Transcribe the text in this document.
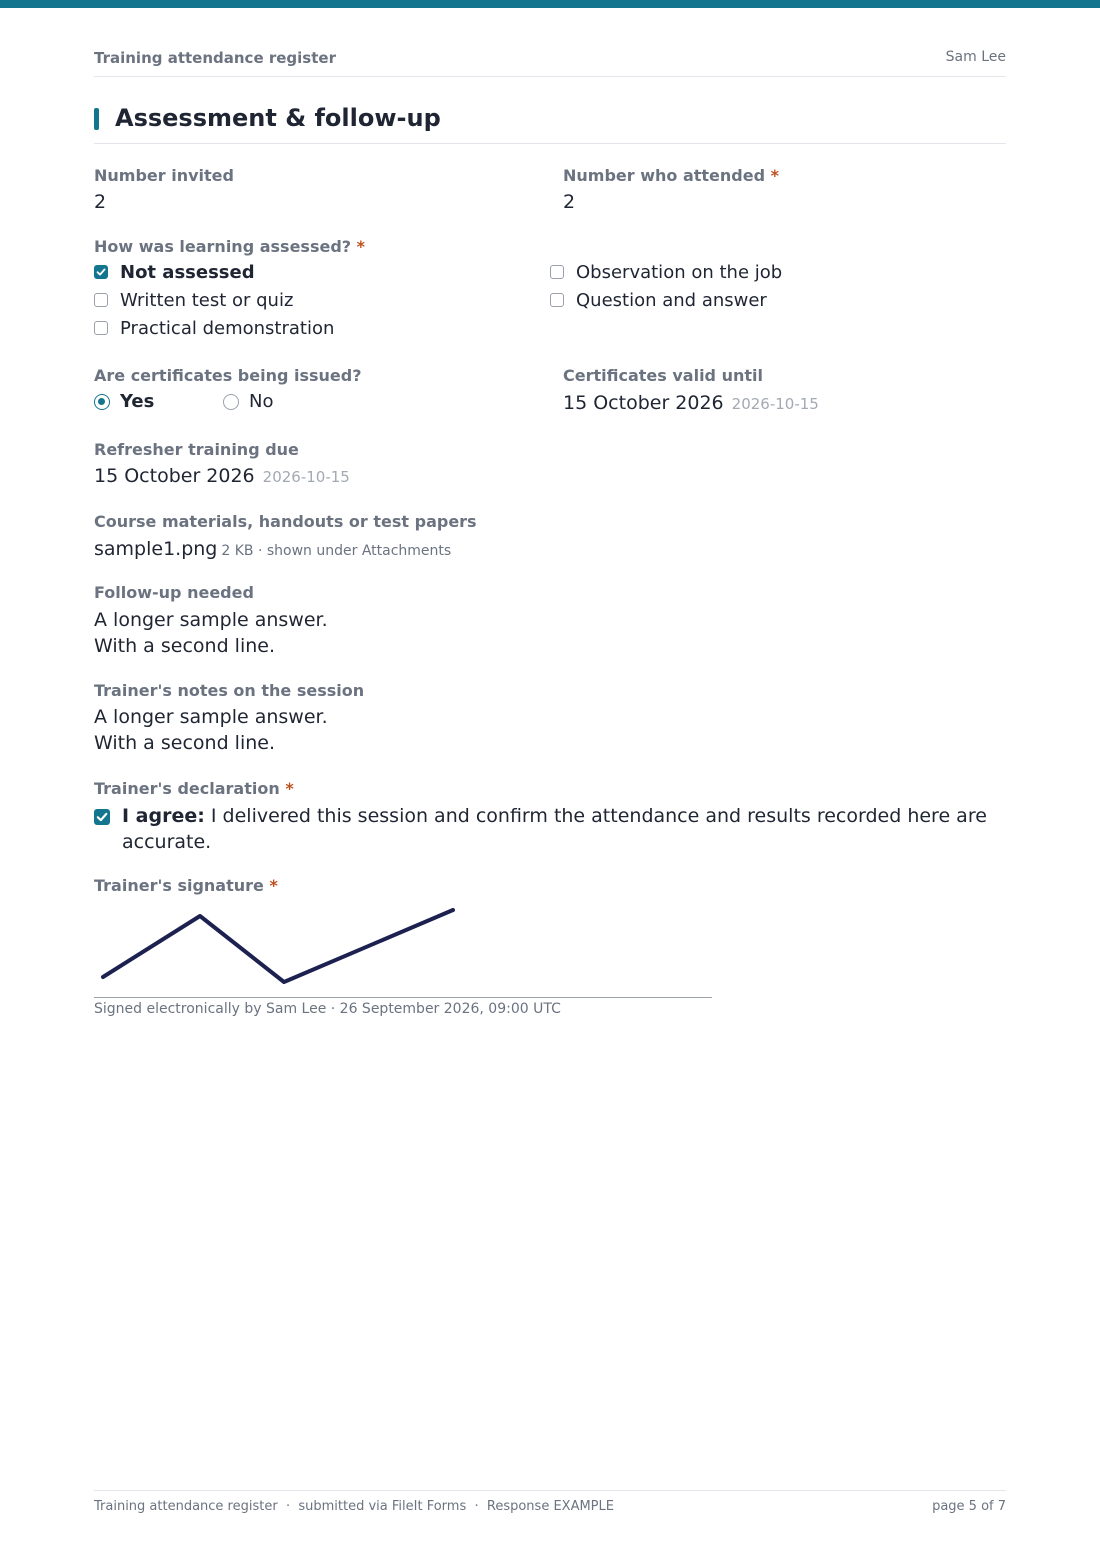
Training attendance register	Sam Lee
Assessment & follow-up
Number invited
2
Number who attended *
2
How was learning assessed? *
Not assessed
Written test or quiz
Practical demonstration
Observation on the job
Question and answer
Are certificates being issued?
Yes	No
Certificates valid until
15 October 2026 2026-10-15
Refresher training due
15 October 2026 2026-10-15
Course materials, handouts or test papers
sample1.png 2 KB · shown under Attachments
Follow-up needed
A longer sample answer.
With a second line.
Trainer's notes on the session
A longer sample answer.
With a second line.
Trainer's declaration *
I agree: I delivered this session and confirm the attendance and results recorded here are accurate.
Trainer's signature *
Signed electronically by Sam Lee · 26 September 2026, 09:00 UTC
Training attendance register  ·  submitted via FileIt Forms  ·  Response EXAMPLE	page 5 of 7
